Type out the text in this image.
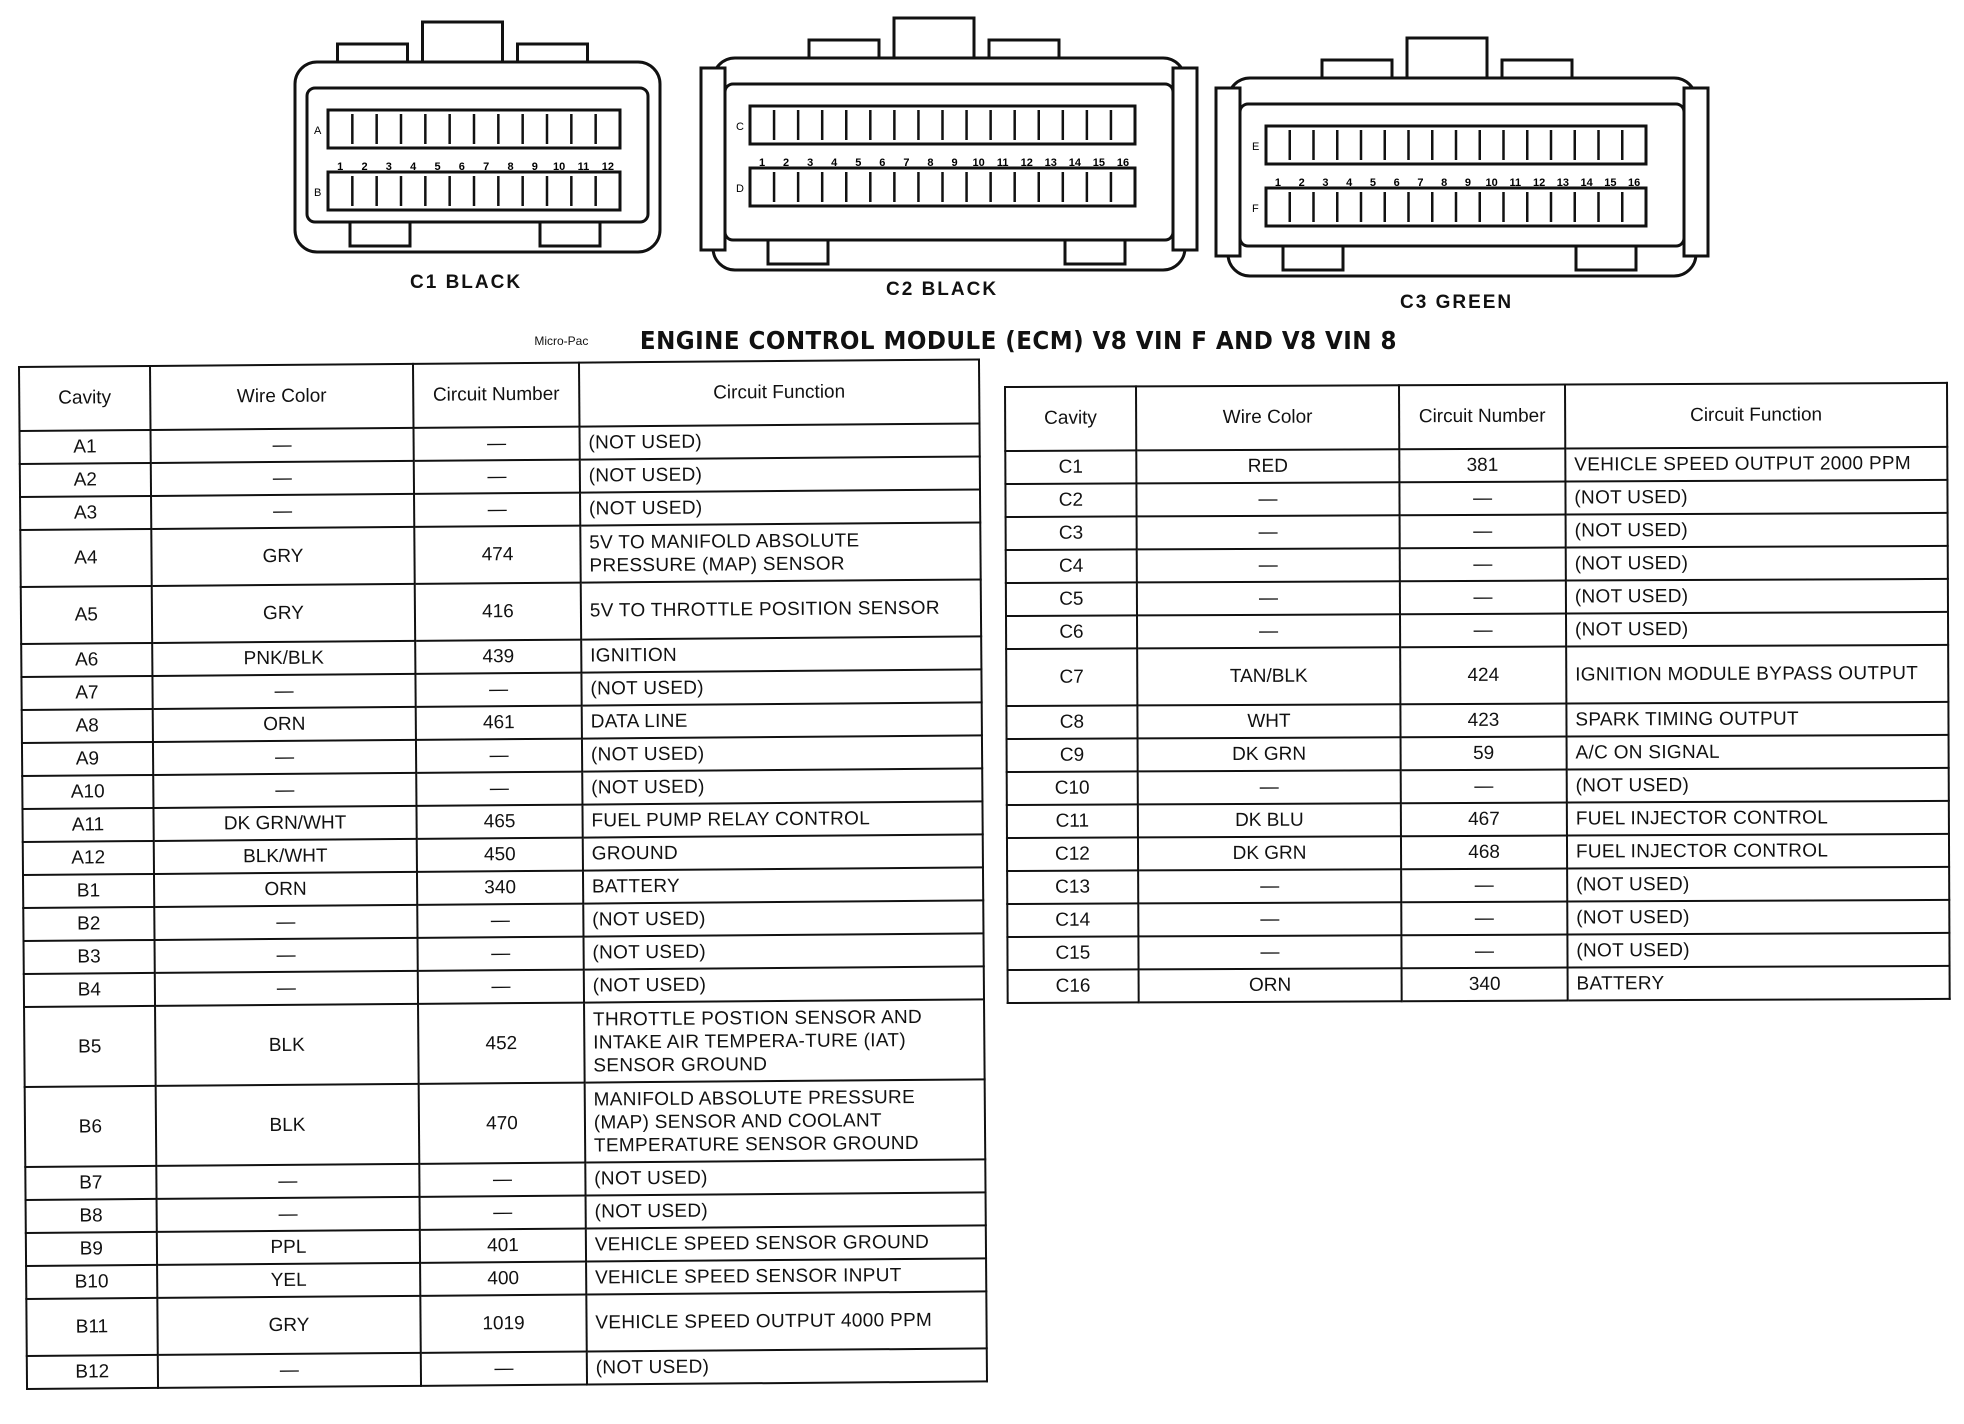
A
B
1 2 3 4 5 6 7 8 9 10 11 12
C
D
1 2 3 4 5 6 7 8 9 10 11 12 13 14 15 16
E
F
1 2 3 4 5 6 7 8 9 10 11 12 13 14 15 16
C1 BLACK	C2 BLACK
C3 GREEN
Micro-Pac ENGINE CONTROL MODULE (ECM) V8 VIN F AND V8 VIN 8
Cavity	Wire Color	Circuit Number	Circuit Function
A1	—	—	(NOT USED)
A2	—	—	(NOT USED)
A3	—	—	(NOT USED)
A4	GRY	474	5V TO MANIFOLD ABSOLUTE PRESSURE (MAP) SENSOR
A5	GRY	416	5V TO THROTTLE POSITION SENSOR
A6	PNK/BLK	439	IGNITION
A7	—	—	(NOT USED)
A8	ORN	461	DATA LINE
A9	—	—	(NOT USED)
A10	—	—	(NOT USED)
A11	DK GRN/WHT	465	FUEL PUMP RELAY CONTROL
A12	BLK/WHT	450	GROUND
B1	ORN	340	BATTERY
B2	—	—	(NOT USED)
B3	—	—	(NOT USED)
B4	—	—	(NOT USED)
B5	BLK	452	THROTTLE POSTION SENSOR AND INTAKE AIR TEMPERA-TURE (IAT) SENSOR GROUND
B6	BLK	470	MANIFOLD ABSOLUTE PRESSURE (MAP) SENSOR AND COOLANT TEMPERATURE SENSOR GROUND
B7	—	—	(NOT USED)
B8	—	—	(NOT USED)
B9	PPL	401	VEHICLE SPEED SENSOR GROUND
B10	YEL	400	VEHICLE SPEED SENSOR INPUT
B11	GRY	1019	VEHICLE SPEED OUTPUT 4000 PPM
B12	—	—	(NOT USED)
Cavity	Wire Color	Circuit Number	Circuit Function
C1	RED	381	VEHICLE SPEED OUTPUT 2000 PPM
C2	—	—	(NOT USED)
C3	—	—	(NOT USED)
C4	—	—	(NOT USED)
C5	—	—	(NOT USED)
C6	—	—	(NOT USED)
C7	TAN/BLK	424	IGNITION MODULE BYPASS OUTPUT
C8	WHT	423	SPARK TIMING OUTPUT
C9	DK GRN	59	A/C ON SIGNAL
C10	—	—	(NOT USED)
C11	DK BLU	467	FUEL INJECTOR CONTROL
C12	DK GRN	468	FUEL INJECTOR CONTROL
C13	—	—	(NOT USED)
C14	—	—	(NOT USED)
C15	—	—	(NOT USED)
C16	ORN	340	BATTERY
